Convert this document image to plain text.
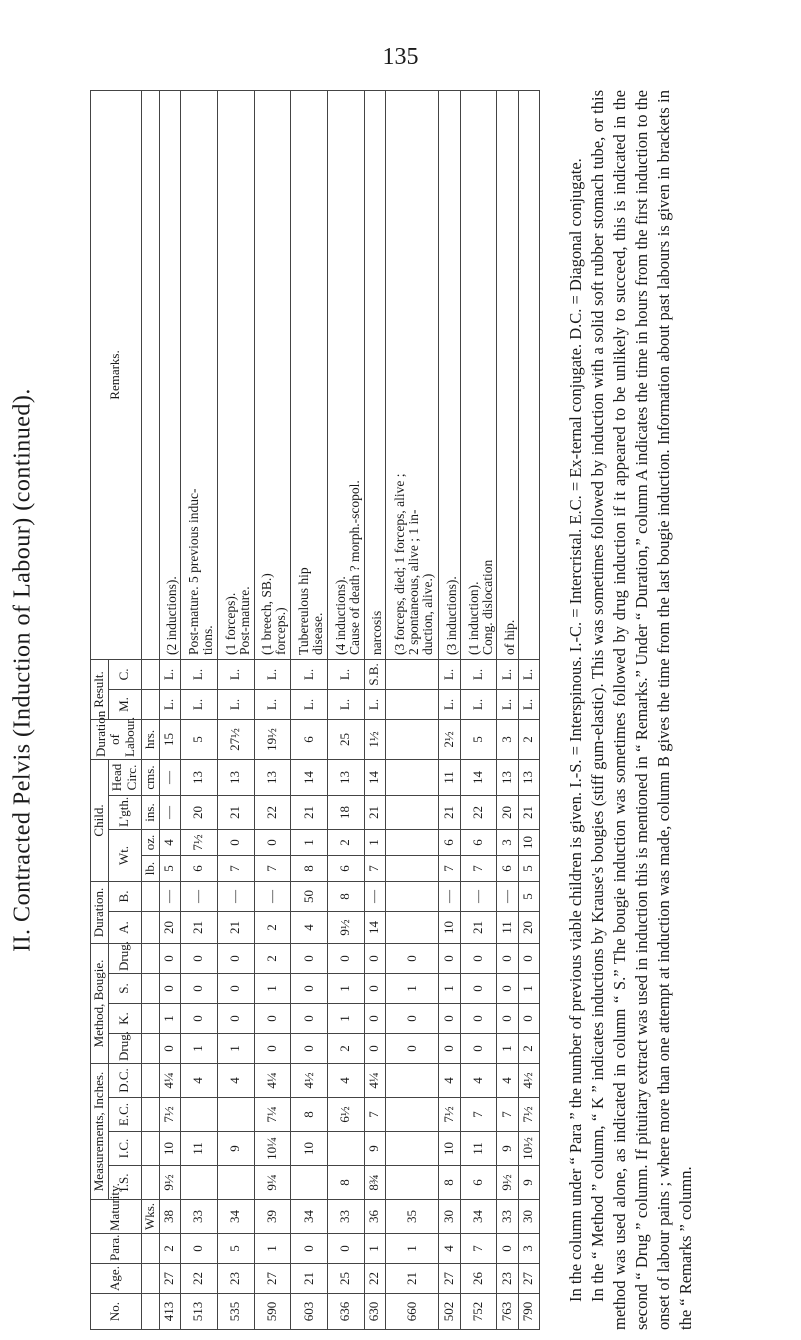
135
II. Contracted Pelvis (Induction of Labour) (continued).
No.	Age.	Para.	Maturity.	Measurements, Inches.				Method, Bougie.				Duration.		Child.				Duration of Labour.	Result.		Remarks.
				I.S.	I.C.	E.C.	D.C.	Drug.	K.	S.	Drug.	A.	B.	Wt.		L'gth.	Head Circ.		M.	C.	
			Wks.											lb.	oz.	ins.	cms.	hrs.			
413	27	2	38	9½	10	7½	4¼	0	1	0	0	20	—	5	4	—	—	15	L.	L.	(2 inductions).

513	22	0	33		11		4	1	0	0	0	21	—	6	7½	20	13	5	L.	L.	Post-mature. 5 previous induc- tions.

535	23	5	34		9		4	1	0	0	0	21	—	7	0	21	13	27½	L.	L.	(1 forceps). Post-mature.

590	27	1	39	9¼	10¼	7¼	4¼	0	0	1	2	2	—	7	0	22	13	19½	L.	L.	(1 breech, SB.) forceps.)

603	21	0	34		10	8	4½	0	0	0	0	4	50	8	1	21	14	6	L.	L.	Tubereulous hip disease.

636	25	0	33	8		6½	4	2	1	1	0	9½	8	6	2	18	13	25	L.	L.	(4 inductions). Cause of death ? morph.-scopol.

630	22	1	36	8¾	9	7	4¼	0	0	0	0	14	—	7	1	21	14	1½	L.	S.B.	narcosis

660	21	1	35					0	0	1	0										(3 forceps, died; 1 forceps, alive ; 2 spontaneous, alive ; 1 in- duction, alive.)

502	27	4	30	8	10	7½	4	0	0	1	0	10	—	7	6	21	11	2½	L.	L.	(3 inductions).

752	26	7	34	6	11	7	4	0	0	0	0	21	—	7	6	22	14	5	L.	L.	(1 induction). Cong. dislocation

763	23	0	33	9½	9	7	4	1	0	0	0	11	—	6	3	20	13	3	L.	L.	of hip.

790	27	3	30	9	10½	7½	4½	2	0	1	0	20	5	5	10	21	13	2	L.	L.	In the column under “ Para ” the number of previous viable children is given. I.-S. = Interspinous. I.-C. = Intercristal. E.C. = Ex-ternal conjugate. D.C. = Diagonal conjugate. In the “ Method ” column, “ K ” indicates inductions by Krause's bougies (stiff gum-elastic). This was sometimes followed by induction with a solid soft rubber stomach tube, or this method was used alone, as indicated in column “ S.” The bougie induction was sometimes followed by drug induction if it appeared to be unlikely to succeed, this is indicated in the second “ Drug ” column. If pituitary extract was used in induction this is mentioned in “ Remarks.” Under “ Duration,” column A indicates the time in hours from the first induction to the onset of labour pains ; where more than one attempt at induction was made, column B gives the time from the last bougie induction. Information about past labours is given in brackets in the “ Remarks ” column.
